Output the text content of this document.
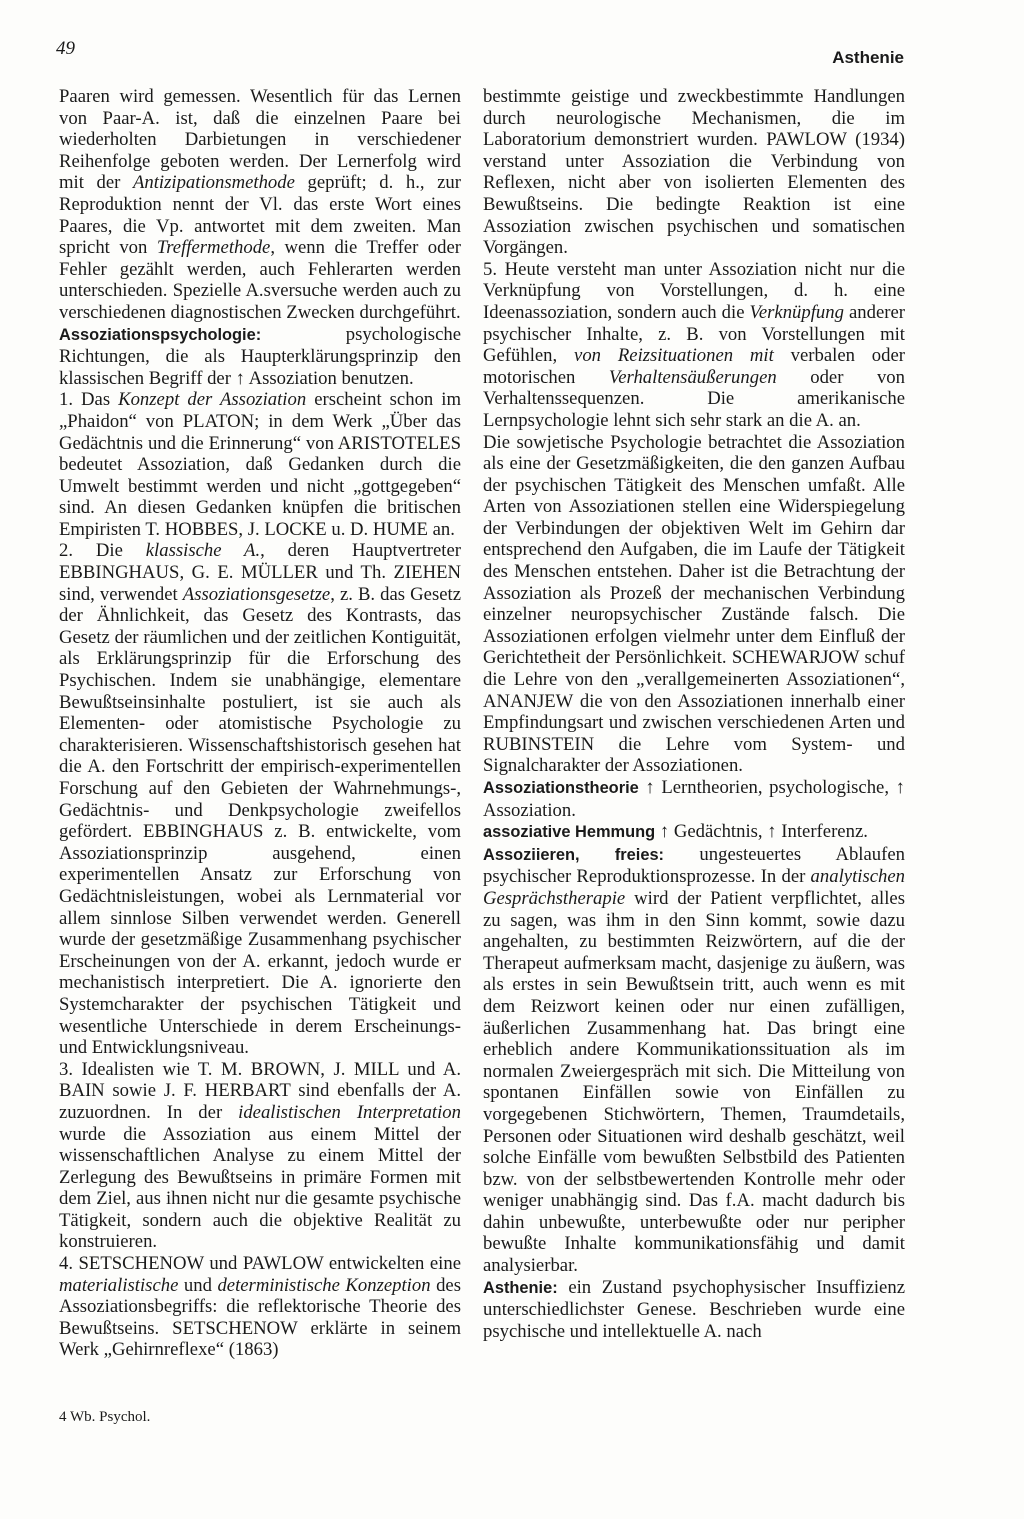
49	Asthenie

Paaren wird gemessen. Wesentlich für das Lernen von Paar-A. ist, daß die einzelnen Paare bei wiederholten Darbietungen in verschiedener Reihenfolge geboten werden. Der Lernerfolg wird mit der Antizipationsmethode geprüft; d. h., zur Reproduktion nennt der Vl. das erste Wort eines Paares, die Vp. antwortet mit dem zweiten. Man spricht von Treffermethode, wenn die Treffer oder Fehler gezählt werden, auch Fehlerarten werden unterschieden. Spezielle A.sversuche werden auch zu verschiedenen diagnostischen Zwecken durchgeführt.

Assoziationspsychologie: psychologische Richtungen, die als Haupterklärungsprinzip den klassischen Begriff der ↑ Assoziation benutzen.

1. Das Konzept der Assoziation erscheint schon im „Phaidon“ von PLATON; in dem Werk „Über das Gedächtnis und die Erinnerung“ von ARISTOTELES bedeutet Assoziation, daß Gedanken durch die Umwelt bestimmt werden und nicht „gottgegeben“ sind. An diesen Gedanken knüpfen die britischen Empiristen T. HOBBES, J. LOCKE u. D. HUME an.

2. Die klassische A., deren Hauptvertreter EBBINGHAUS, G. E. MÜLLER und Th. ZIEHEN sind, verwendet Assoziationsgesetze, z. B. das Gesetz der Ähnlichkeit, das Gesetz des Kontrasts, das Gesetz der räumlichen und der zeitlichen Kontiguität, als Erklärungsprinzip für die Erforschung des Psychischen. Indem sie unabhängige, elementare Bewußtseinsinhalte postuliert, ist sie auch als Elementen- oder atomistische Psychologie zu charakterisieren. Wissenschaftshistorisch gesehen hat die A. den Fortschritt der empirisch-experimentellen Forschung auf den Gebieten der Wahrnehmungs-, Gedächtnis- und Denkpsychologie zweifellos gefördert. EBBINGHAUS z. B. entwickelte, vom Assoziationsprinzip ausgehend, einen experimentellen Ansatz zur Erforschung von Gedächtnisleistungen, wobei als Lernmaterial vor allem sinnlose Silben verwendet werden. Generell wurde der gesetzmäßige Zusammenhang psychischer Erscheinungen von der A. erkannt, jedoch wurde er mechanistisch interpretiert. Die A. ignorierte den Systemcharakter der psychischen Tätigkeit und wesentliche Unterschiede in derem Erscheinungs- und Entwicklungsniveau.

3. Idealisten wie T. M. BROWN, J. MILL und A. BAIN sowie J. F. HERBART sind ebenfalls der A. zuzuordnen. In der idealistischen Interpretation wurde die Assoziation aus einem Mittel der wissenschaftlichen Analyse zu einem Mittel der Zerlegung des Bewußtseins in primäre Formen mit dem Ziel, aus ihnen nicht nur die gesamte psychische Tätigkeit, sondern auch die objektive Realität zu konstruieren.

4. SETSCHENOW und PAWLOW entwickelten eine materialistische und deterministische Konzeption des Assoziationsbegriffs: die reflektorische Theorie des Bewußtseins. SETSCHENOW erklärte in seinem Werk „Gehirnreflexe“ (1863)

bestimmte geistige und zweckbestimmte Handlungen durch neurologische Mechanismen, die im Laboratorium demonstriert wurden. PAWLOW (1934) verstand unter Assoziation die Verbindung von Reflexen, nicht aber von isolierten Elementen des Bewußtseins. Die bedingte Reaktion ist eine Assoziation zwischen psychischen und somatischen Vorgängen.

5. Heute versteht man unter Assoziation nicht nur die Verknüpfung von Vorstellungen, d. h. eine Ideenassoziation, sondern auch die Verknüpfung anderer psychischer Inhalte, z. B. von Vorstellungen mit Gefühlen, von Reizsituationen mit verbalen oder motorischen Verhaltensäußerungen oder von Verhaltenssequenzen. Die amerikanische Lernpsychologie lehnt sich sehr stark an die A. an.

Die sowjetische Psychologie betrachtet die Assoziation als eine der Gesetzmäßigkeiten, die den ganzen Aufbau der psychischen Tätigkeit des Menschen umfaßt. Alle Arten von Assoziationen stellen eine Widerspiegelung der Verbindungen der objektiven Welt im Gehirn dar entsprechend den Aufgaben, die im Laufe der Tätigkeit des Menschen entstehen. Daher ist die Betrachtung der Assoziation als Prozeß der mechanischen Verbindung einzelner neuropsychischer Zustände falsch. Die Assoziationen erfolgen vielmehr unter dem Einfluß der Gerichtetheit der Persönlichkeit. SCHEWARJOW schuf die Lehre von den „verallgemeinerten Assoziationen“, ANANJEW die von den Assoziationen innerhalb einer Empfindungsart und zwischen verschiedenen Arten und RUBINSTEIN die Lehre vom System- und Signalcharakter der Assoziationen.

Assoziationstheorie ↑ Lerntheorien, psychologische, ↑ Assoziation.

assoziative Hemmung ↑ Gedächtnis, ↑ Interferenz.

Assoziieren, freies: ungesteuertes Ablaufen psychischer Reproduktionsprozesse. In der analytischen Gesprächstherapie wird der Patient verpflichtet, alles zu sagen, was ihm in den Sinn kommt, sowie dazu angehalten, zu bestimmten Reizwörtern, auf die der Therapeut aufmerksam macht, dasjenige zu äußern, was als erstes in sein Bewußtsein tritt, auch wenn es mit dem Reizwort keinen oder nur einen zufälligen, äußerlichen Zusammenhang hat. Das bringt eine erheblich andere Kommunikationssituation als im normalen Zweiergespräch mit sich. Die Mitteilung von spontanen Einfällen sowie von Einfällen zu vorgegebenen Stichwörtern, Themen, Traumdetails, Personen oder Situationen wird deshalb geschätzt, weil solche Einfälle vom bewußten Selbstbild des Patienten bzw. von der selbstbewertenden Kontrolle mehr oder weniger unabhängig sind. Das f.A. macht dadurch bis dahin unbewußte, unterbewußte oder nur peripher bewußte Inhalte kommunikationsfähig und damit analysierbar.

Asthenie: ein Zustand psychophysischer Insuffizienz unterschiedlichster Genese. Beschrieben wurde eine psychische und intellektuelle A. nach

4 Wb. Psychol.
